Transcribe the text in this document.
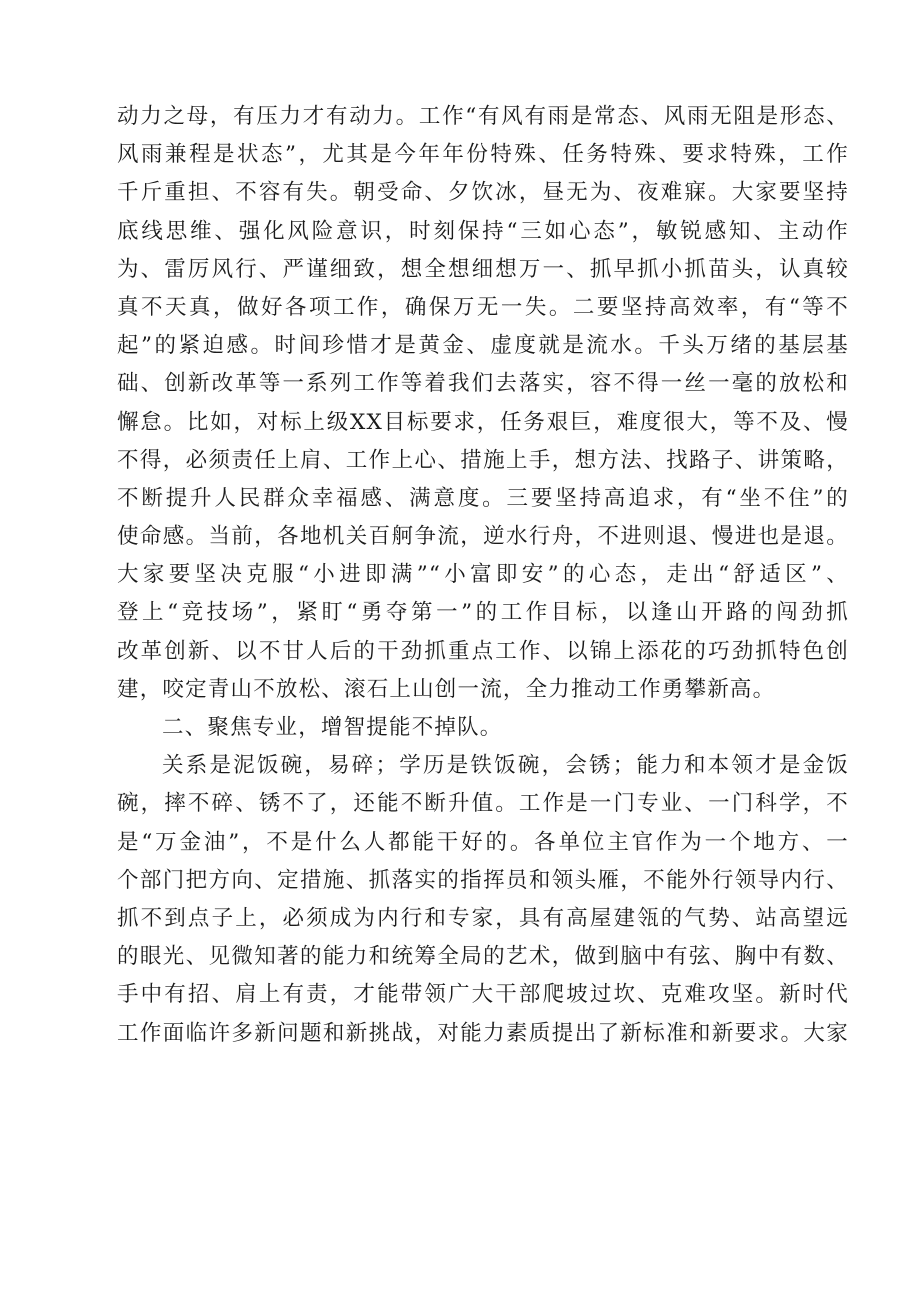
动力之母，有压力才有动力。工作“有风有雨是常态、风雨无阻是形态、
风雨兼程是状态”，尤其是今年年份特殊、任务特殊、要求特殊，工作
千斤重担、不容有失。朝受命、夕饮冰，昼无为、夜难寐。大家要坚持
底线思维、强化风险意识，时刻保持“三如心态”，敏锐感知、主动作
为、雷厉风行、严谨细致，想全想细想万一、抓早抓小抓苗头，认真较
真不天真，做好各项工作，确保万无一失。二要坚持高效率，有“等不
起”的紧迫感。时间珍惜才是黄金、虚度就是流水。千头万绪的基层基
础、创新改革等一系列工作等着我们去落实，容不得一丝一毫的放松和
懈怠。比如，对标上级XX目标要求，任务艰巨，难度很大，等不及、慢
不得，必须责任上肩、工作上心、措施上手，想方法、找路子、讲策略，
不断提升人民群众幸福感、满意度。三要坚持高追求，有“坐不住”的
使命感。当前，各地机关百舸争流，逆水行舟，不进则退、慢进也是退。
大家要坚决克服“小进即满”“小富即安”的心态，走出“舒适区”、
登上“竞技场”，紧盯“勇夺第一”的工作目标，以逢山开路的闯劲抓
改革创新、以不甘人后的干劲抓重点工作、以锦上添花的巧劲抓特色创
建，咬定青山不放松、滚石上山创一流，全力推动工作勇攀新高。
二、聚焦专业，增智提能不掉队。
关系是泥饭碗，易碎；学历是铁饭碗，会锈；能力和本领才是金饭
碗，摔不碎、锈不了，还能不断升值。工作是一门专业、一门科学，不
是“万金油”，不是什么人都能干好的。各单位主官作为一个地方、一
个部门把方向、定措施、抓落实的指挥员和领头雁，不能外行领导内行、
抓不到点子上，必须成为内行和专家，具有高屋建瓴的气势、站高望远
的眼光、见微知著的能力和统筹全局的艺术，做到脑中有弦、胸中有数、
手中有招、肩上有责，才能带领广大干部爬坡过坎、克难攻坚。新时代
工作面临许多新问题和新挑战，对能力素质提出了新标准和新要求。大家
